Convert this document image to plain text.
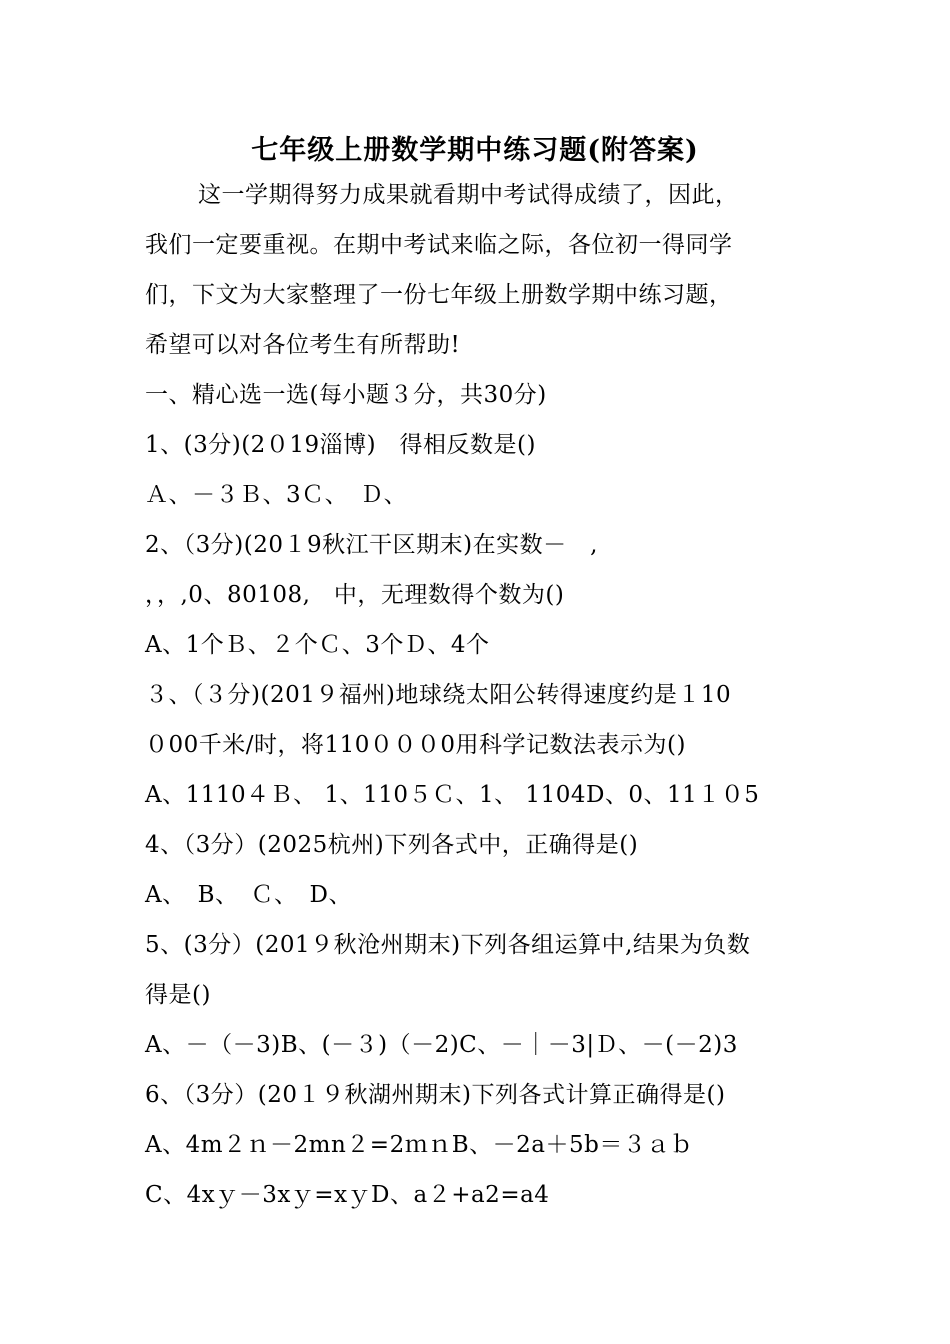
七年级上册数学期中练习题(附答案)
这一学期得努力成果就看期中考试得成绩了，因此，
我们一定要重视。在期中考试来临之际，各位初一得同学
们，下文为大家整理了一份七年级上册数学期中练习题，
希望可以对各位考生有所帮助!
一、精心选一选(每小题３分，共30分)
1、(3分)(2０19淄博)　得相反数是()
Ａ、－３Ｂ、3Ｃ、　Ｄ、
2、（3分)(20１9秋江干区期末)在实数－　,
，，,0、80108,　中，无理数得个数为()
A、1个Ｂ、２个Ｃ、3个Ｄ、4个
３、（３分)(201９福州)地球绕太阳公转得速度约是１10
０00千米/时，将110０００0用科学记数法表示为()
A、1110４Ｂ、 1、110５Ｃ、1、 1104D、0、11１０5
4、（3分）(2025杭州)下列各式中，正确得是()
A、　B、　Ｃ、　D、
5、(3分）(201９秋沧州期末)下列各组运算中,结果为负数
得是()
A、－（－3)B、(－３)（－2)C、－｜－3|Ｄ、－(－2)3
6、（3分）(20１９秋湖州期末)下列各式计算正确得是()
A、4m２ｎ－2mn２=2ｍｎB、－2a＋5b＝３ａｂ
C、4xｙ－3xｙ=xｙD、a２+a2=a4
